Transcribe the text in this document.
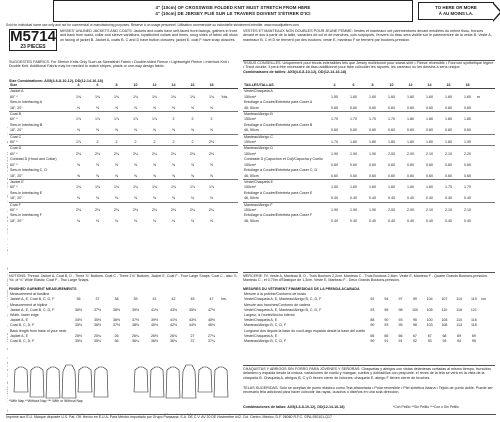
4" (10cm) OF CROSSWISE FOLDED KNIT MUST STRETCH FROM HERE
4" (10cm) DE JERSEY PLIÉ SUR LE TRAVERS DOIVENT S'ÉTIRER D'ICI
TO HERE OR MORE
À AU MOINS LA.
Sold for individual home use only and not for commercial or manufacturing purposes. Réservé à un usage personnel. Utilisation commerciale ou industrielle strictement interdite. www.mccallpattern.com
M5714
23 PIECES
MISSES' UNLINED JACKETS AND COATS: Jackets and coats have self-faced front facings, gathers in front and back from waist, collar and sleeve variations, topstitched collars and hems, snug sides of fabric will show on facing of jacket B. Jacket A, coats B, C and D have button closures; jacket E, coat F have snap closures.
SUGGESTED FABRICS: For Stretch Knits Only Such as Sweatshirt Fabric • Double-sided Fleece • Lightweight Fleece • Interlock Knit • Double Knit. Additional Fabric may be needed to match stripes, plaids or one-way design fabric.
Size Combinations: AX5(4-6-8-10-12), DD(12-14-16-18)
Size	4	6	8	10	12	14	16	18	
Jacket A									
60" *	1¾	1¾	1¾	1¾	1¾	1¾	1¾	1¾	Yds.
Sew-in Interfacing A									
18", 20"	⅝	⅝	⅝	⅝	⅝	⅝	⅝	⅝	
Coat B									
60" *	1⅞	1⅞	1⅞	1⅞	1⅞	2	2	2	
Sew-in Interfacing B									
18", 20"	⅝	⅝	⅝	⅝	⅝	⅝	⅝	⅝	
Coat C									
60" *	1⅞	2	2	2	2	2	2	2⅛	
Coat D									
60" *	2⅛	2⅛	2⅛	2¼	2¼	2¼	2⅜	2⅜	
Contrast D (Hood and Collar)									
60" *	⅝	⅝	⅝	⅝	⅝	⅝	⅝	⅝	
Sew-in Interfacing C, D									
18", 20"	⅝	⅝	⅝	⅝	⅝	⅝	⅝	⅝	
Jacket E									
60" *	1¾	1¾	1¾	1¾	1¾	1¾	1⅞	1⅞	
Sew-in Interfacing E									
18", 20"	⅜	⅜	⅜	⅜	⅜	⅜	⅜	⅜	
Coat F									
60" *	2⅛	2⅛	2⅛	2⅛	2⅛	2⅛	2¼	2¼	
Sew-in Interfacing F									
18", 20"	⅜	⅜	⅜	⅜	⅜	⅜	⅜	⅜	
NOTIONS: Thread. Jacket A, Coat B, D - Three ⅞" Buttons. Coat C - Three 1⅛" Buttons, Jacket E, Coat F - Four Large Snaps. Coat C - also ⅞ Yd. of ⅛" Wide Elastic; Coat F - Two Large Snaps.
FINISHED GARMENT MEASUREMENTS									
Measurement at bustline									
Jacket A, E, Coat B, C, D, F	36	37	38	39	41	42	45	47	Ins.
Measurement at hipline									
Jacket A, E, Coat B, C, D, F	36½	37½	38½	39½	41½	43½	45½	47½	
Width, lower edge									
Jacket A, E	34½	35½	36½	37½	39½	41½	43½	45½	
Coat B, C, D, F	35½	36½	37½	38½	40½	42½	44½	46½	
Back length from base of your neck									
Jacket A, E	25½	25¾	26	26¼	26½	26¾	27	27¼	
Coat B, C, D, F	35½	35¾	36	36¼	36½	36¾	37	37¼	
*With Nap **Without Nap *** With or Without Nap
VESTES ET MANTEAUX NON DOUBLÉS POUR JEUNE FEMME: Vestes et manteaux ont parementures devant entoilées du même tissu, fronces devant et dos à partir de la taille, variantes de col et de manches, cols surpiqués, l'envers du tissu sera visible sur le parementure de la veste B. Veste A, manteaux B, C et D se ferment par des boutons; veste E, manteau F se ferment par boutons-pression.
TISSUS CONSEILLÉS: Uniquement pour tricots extensibles tels que Jersey molletonné pour sweat-shirt • Fleece réversible • Fourrure synthétique légère • Tricot double. Il peut être nécessaire de tissu additionnel pour faire coïncider les rayures, les carreaux ou les dessins à sens unique.
Combinaisons de tailles: AX5(4-6-8-10-12), DD(12-14-16-18)
TAILLES/TALLAS	4	6	8	10	12	14	16	18	
Veste/Chaqueta A									
150cm*	1.50	1.60	1.60	1.60	1.60	1.60	1.60	1.60	m
Entoilage à Coudre/Entretela para Coser A									
46, 50cm	0.60	0.60	0.60	0.60	0.60	0.60	0.60	0.60	
Manteau/Abrigo B									
150cm*	1.70	1.70	1.70	1.70	1.80	1.80	1.80	1.80	
Entoilage à Coudre/Entretela para Coser B									
46, 50cm	0.60	0.60	0.60	0.60	0.60	0.60	0.60	0.60	
Manteau/Abrigo C									
150cm*	1.70	1.80	1.80	1.80	1.80	1.80	1.80	1.90	
Manteau/Abrigo D									
150cm*	1.90	1.90	1.90	2.00	2.00	2.10	2.10	2.20	
Contraste D (Capuchon et Col)/Capucha y Cuello									
150cm*	0.60	0.60	0.60	0.60	0.60	0.60	0.60	0.60	
Entoilage à Coudre/Entretela para Coser C, D									
46, 50cm	0.60	0.60	0.60	0.60	0.60	0.60	0.60	0.60	
Veste/Chaqueta E									
150cm*	1.50	1.60	1.60	1.60	1.60	1.60	1.70	1.70	
Entoilage à Coudre/Entretela para Coser E									
46, 50cm	0.40	0.40	0.40	0.40	0.40	0.40	0.40	0.40	
Manteau/Abrigo F									
150cm*	1.90	1.90	1.90	2.00	2.00	2.10	2.10	2.10	
Entoilage à Coudre/Entretela para Coser F									
46, 50cm	0.40	0.40	0.40	0.40	0.40	0.40	0.40	0.40	
MERCERIE: Fil. Veste A, Manteau B, D - Trois Boutons 2,2cm. Manteau C - Trois Boutons 2,8cm. Veste E, Manteau F - Quatre Grands Boutons-pression. Manteau C - et 0.70m d'Élastique de 1,3cm. Veste E, Manteau F - Deux Grands Boutons-pression.
MESURES DU VÊTEMENT FINI/MEDIDAS DE LA PRENDA ACABADA									
Mesure à la poitrine/Contorno de busto									
Veste/Chaqueta A, E, Manteau/Abrigo B, C, D, F	92	94	97	99	104	107	114	119	cm
Mesure aux hanches/Contorno de cadera									
Veste/Chaqueta A, E, Manteau/Abrigo B, C, D, F	93	95	98	100	105	110	116	121	
Largeur, à l'ourlet/Ancho inferior									
Veste/Chaqueta A, E	88	90	93	95	100	105	110	116	
Manteau/Abrigo B, C, D, F	90	93	95	98	103	108	113	118	
Longueur dos depuis la base du cou/Largo espalda desde la base del cuello									
Veste/Chaqueta A, E	65	65	66	67	67	68	69	69	
Manteau/Abrigo B, C, D, F	90	91	91	92	93	93	94	95	
CHAQUETAS Y ABRIGOS SIN FORRO PARA JÓVENES Y SEÑORAS: Chaquetas y abrigos con vistas delanteras cortadas al mismo tiempo, fruncidos delantero y espalda desde la cintura, variaciones de cuello y mangas, cuellos y dobladillos con pespunte, el revés de la tela se verá en la vista de la chaqueta B. Chaqueta A, abrigos B, C y D tienen cierre de botones; chaqueta E, abrigo F tienen cierre de broches.
TELAS SUGERIDAS: Sólo se aceptan de punto elástico como Tela afranelada • Polar reversible • Piel sintética liviana • Tejido de punto doble. Puede ser necesario tela adicional para hacer coincidir las rayas, cuadros o diseños en una sola dirección.
Combinaciones de tallas: AX5(4-6-8-10-12), DD(12-14-16-18)	*Con Pelillo **Sin Pelillo ***Con o Sin Pelillo
Imprimé aux É.U. Marque déposée U.S. Pat. Off. Hecho en E.U.A. Para México importado por Grupo Parasana, S.A. DE C.V. AV 20 DE Noviembre #42, Col. Centro, México, D.F. 06060 R.F.C. GPA-930101-Q17
